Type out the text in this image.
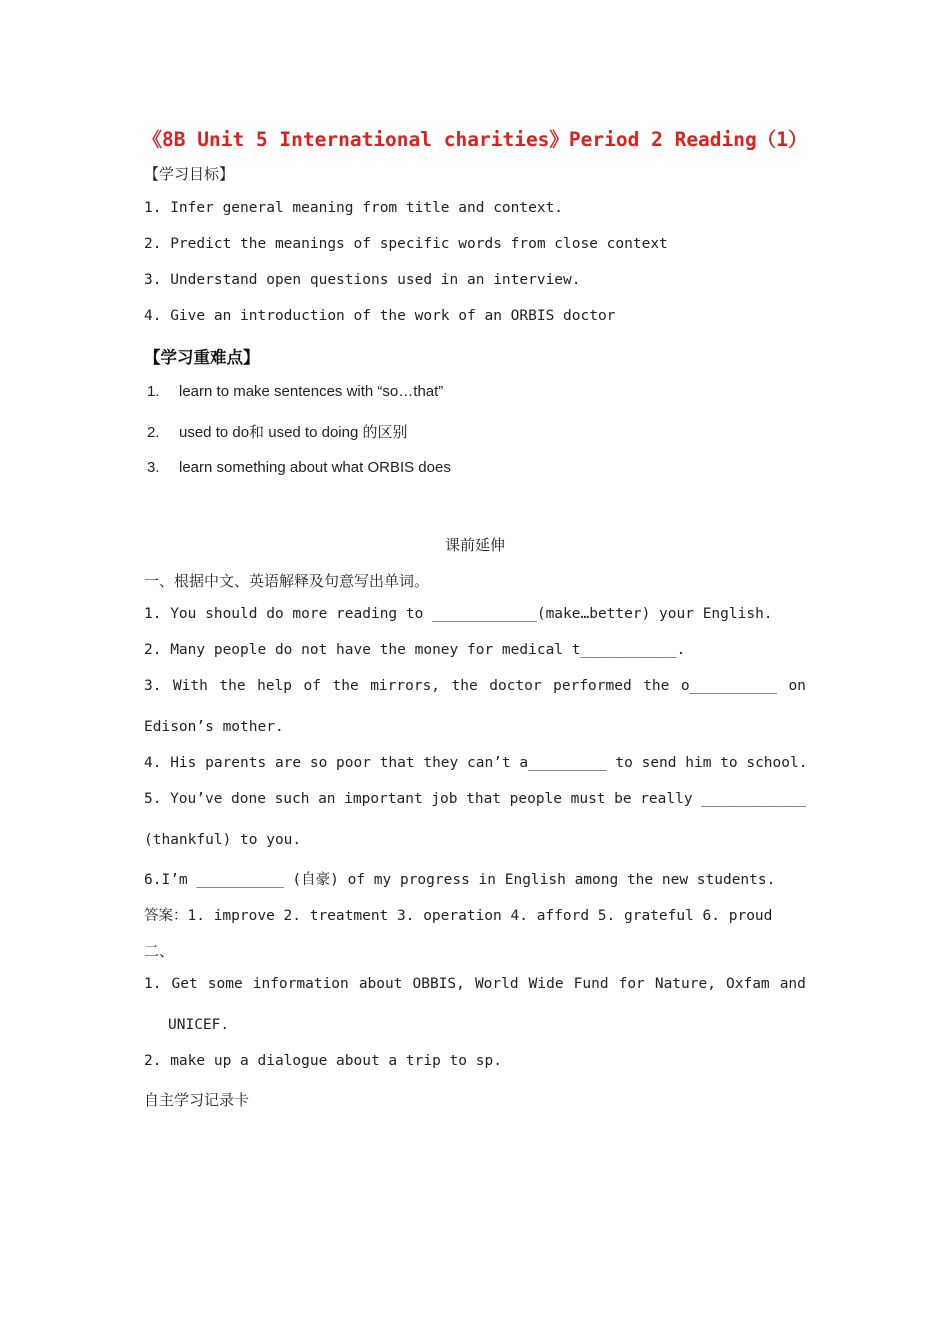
《8B Unit 5 International charities》Period 2 Reading（1）
【学习目标】
1. Infer general meaning from title and context.
2. Predict the meanings of specific words from close context
3. Understand open questions used in an interview.
4. Give an introduction of the work of an ORBIS doctor
【学习重难点】
1. learn to make sentences with “so…that”
2. used to do和 used to doing 的区别
3. learn something about what ORBIS does
课前延伸
一、根据中文、英语解释及句意写出单词。
1. You should do more reading to ____________(make…better) your English.
2. Many people do not have the money for medical t___________.
3. With the help of the mirrors, the doctor performed the o__________ on
Edison’s mother.
4. His parents are so poor that they can’t a_________ to send him to school.
5. You’ve done such an important job that people must be really ____________
(thankful) to you.
6.I’m __________ (自豪) of my progress in English among the new students.
答案：1. improve 2. treatment 3. operation 4. afford 5. grateful 6. proud
二、
1. Get some information about OBBIS, World Wide Fund for Nature, Oxfam and
UNICEF.
2. make up a dialogue about a trip to sp.
自主学习记录卡
